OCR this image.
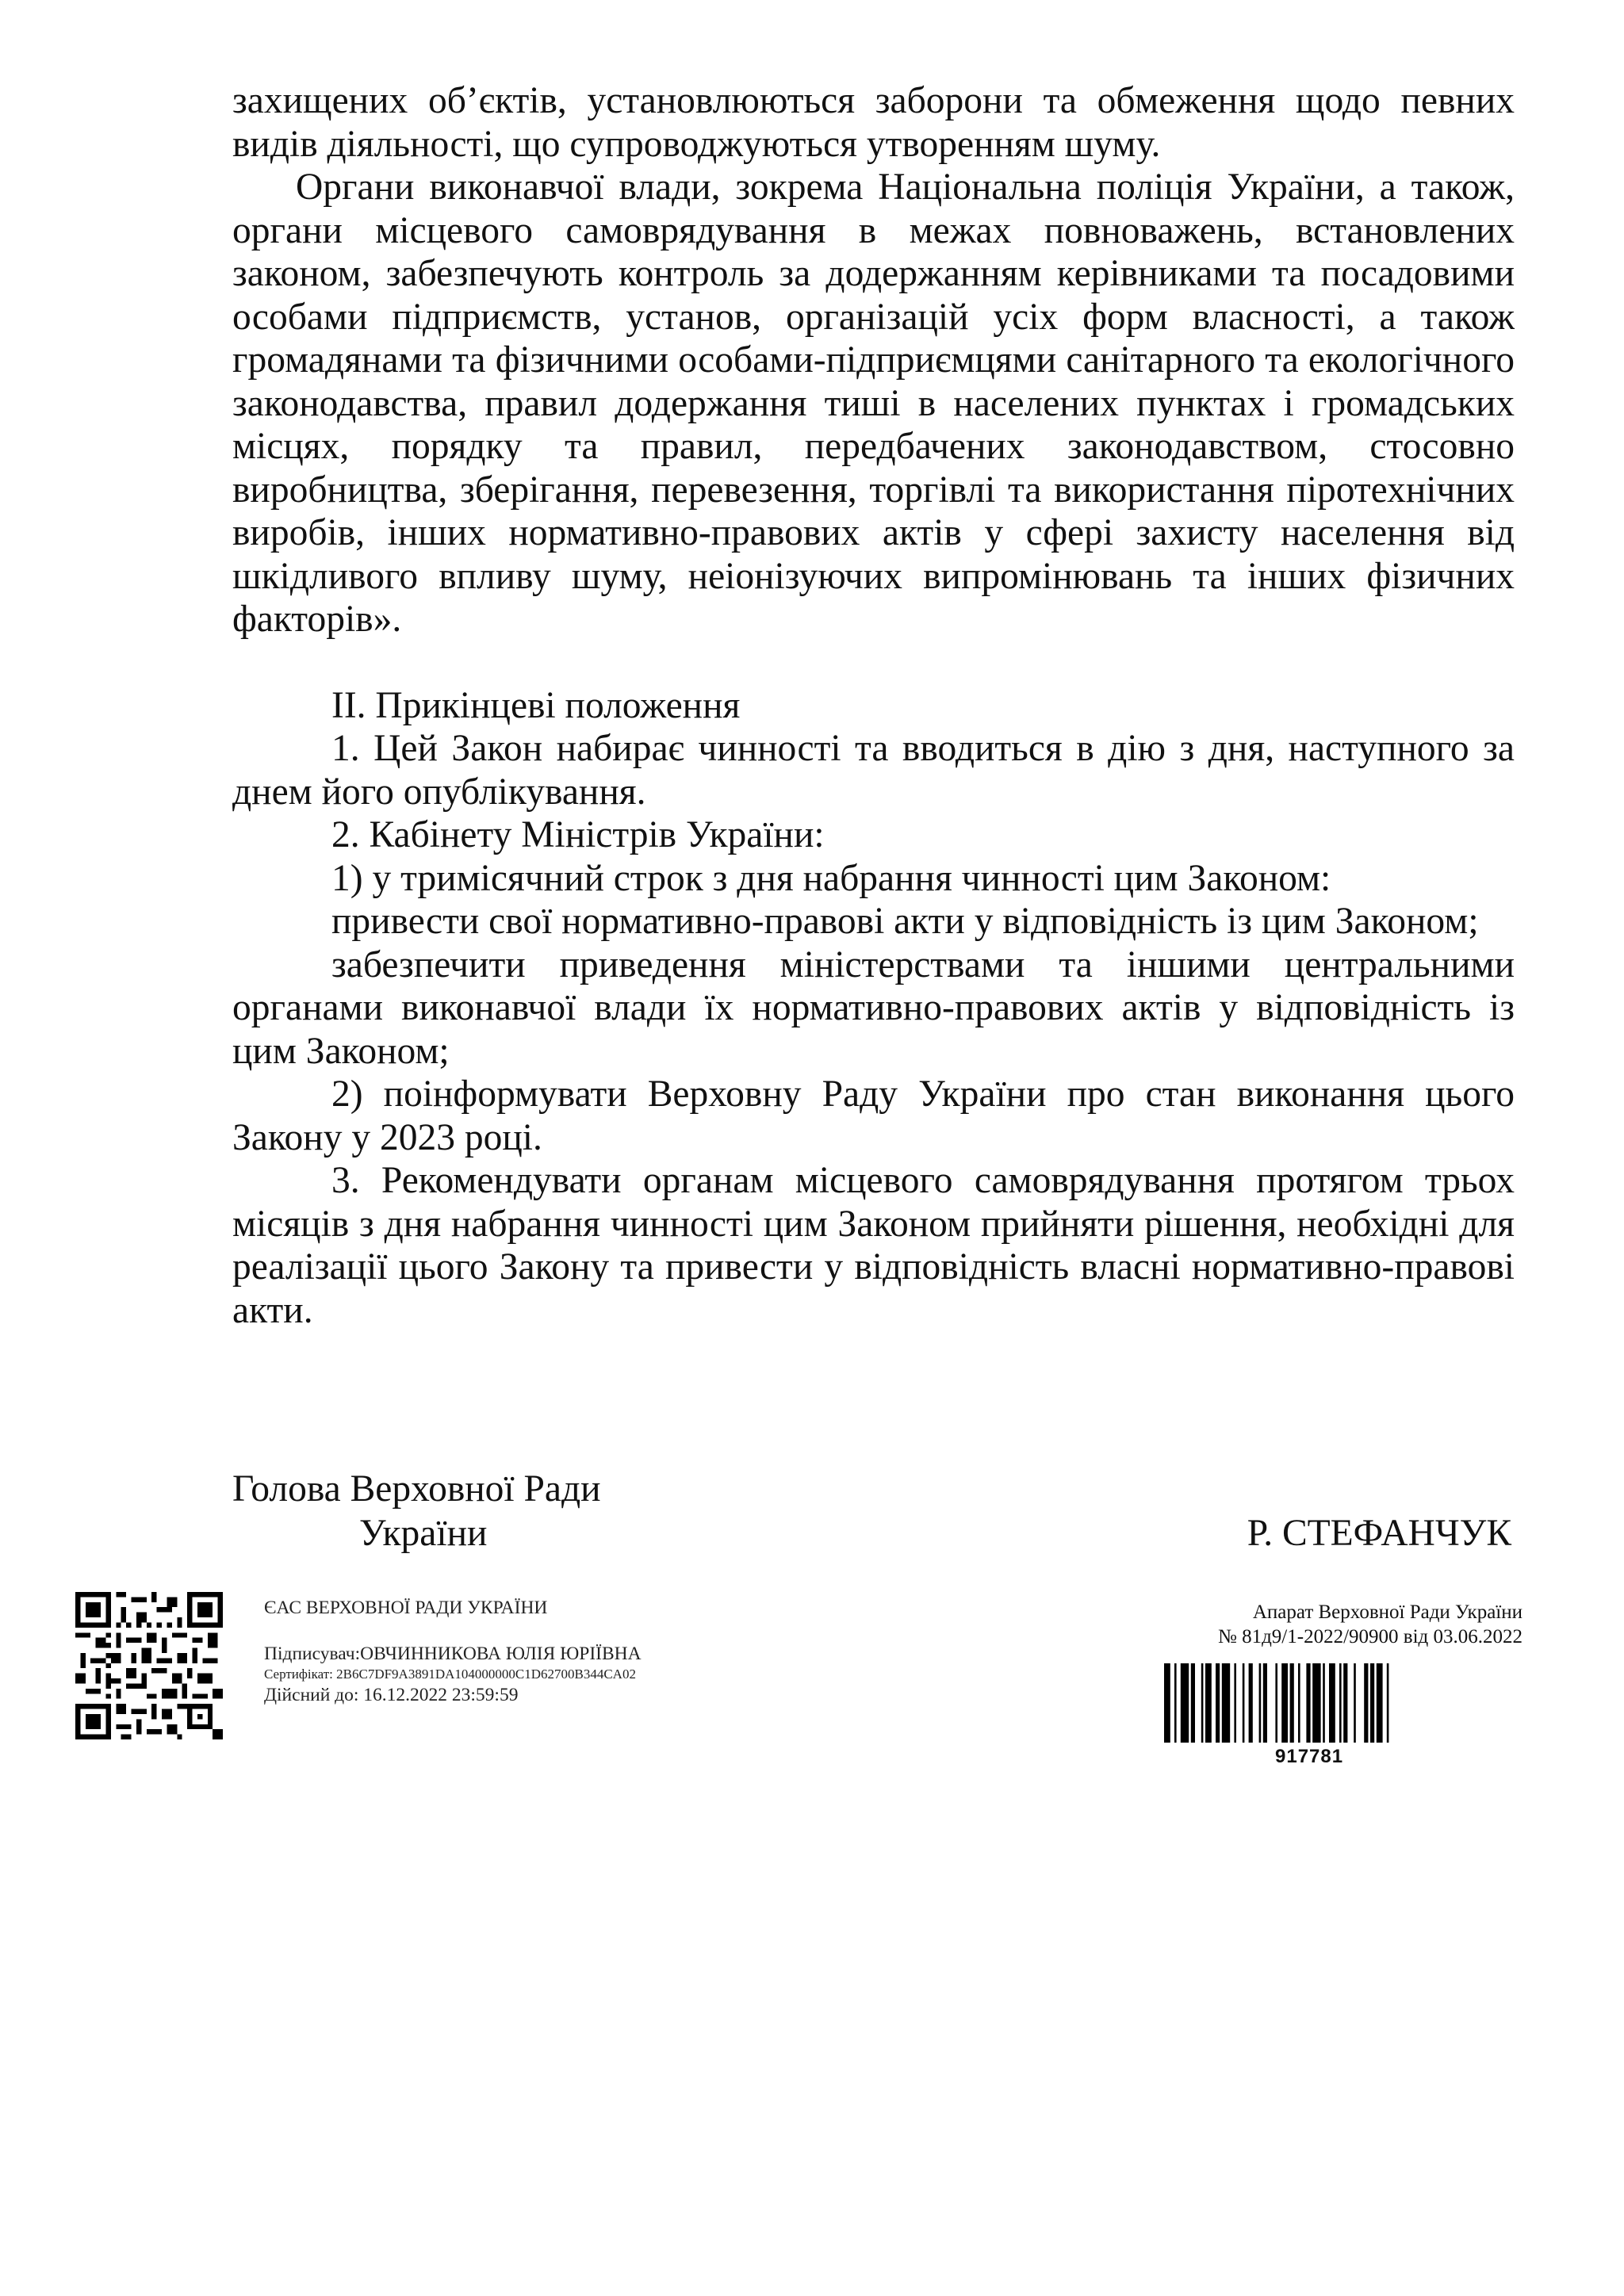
захищених об’єктів, установлюються заборони та обмеження щодо певних видів діяльності, що супроводжуються утворенням шуму.

Органи виконавчої влади, зокрема Національна поліція України, а також, органи місцевого самоврядування в межах повноважень, встановлених законом, забезпечують контроль за додержанням керівниками та посадовими особами підприємств, установ, організацій усіх форм власності, а також громадянами та фізичними особами-підприємцями санітарного та екологічного законодавства, правил додержання тиші в населених пунктах і громадських місцях, порядку та правил, передбачених законодавством, стосовно виробництва, зберігання, перевезення, торгівлі та використання піротехнічних виробів, інших нормативно-правових актів у сфері захисту населення від шкідливого впливу шуму, неіонізуючих випромінювань та інших фізичних факторів».

II. Прикінцеві положення

1. Цей Закон набирає чинності та вводиться в дію з дня, наступного за днем його опублікування.

2. Кабінету Міністрів України:

1) у тримісячний строк з дня набрання чинності цим Законом:

привести свої нормативно-правові акти у відповідність із цим Законом;

забезпечити приведення міністерствами та іншими центральними органами виконавчої влади їх нормативно-правових актів у відповідність із цим Законом;

2) поінформувати Верховну Раду України про стан виконання цього Закону у 2023 році.

3. Рекомендувати органам місцевого самоврядування протягом трьох місяців з дня набрання чинності цим Законом прийняти рішення, необхідні для реалізації цього Закону та привести у відповідність власні нормативно-правові акти.

Голова Верховної Ради
України	Р. СТЕФАНЧУК
ЄАС ВЕРХОВНОЇ РАДИ УКРАЇНИ
Підписувач:ОВЧИННИКОВА ЮЛІЯ ЮРІЇВНА
Сертифікат: 2B6C7DF9A3891DA104000000C1D62700B344CA02
Дійсний до: 16.12.2022 23:59:59
Апарат Верховної Ради України
№ 81д9/1-2022/90900 від 03.06.2022
917781
